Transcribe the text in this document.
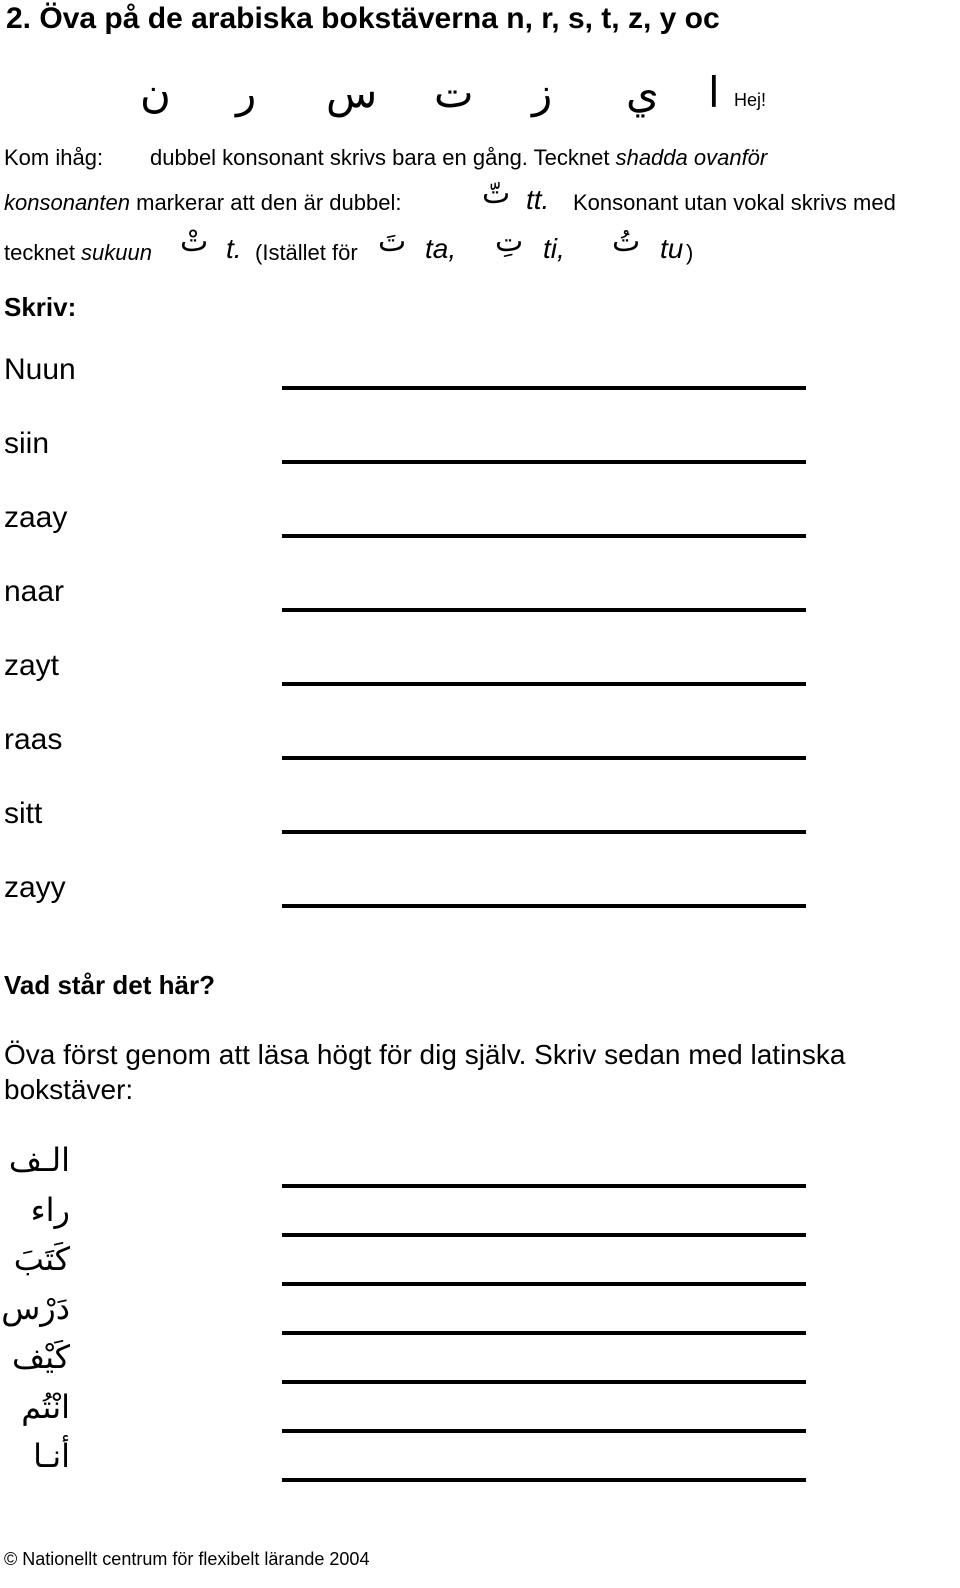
2. Öva på de arabiska bokstäverna n, r, s, t, z, y oc
ن ر س ت ز ي ا Hej!
Kom ihåg: dubbel konsonant skrivs bara en gång. Tecknet shadda ovanför
konsonanten markerar att den är dubbel:	تّ tt. Konsonant utan vokal skrivs med
tecknet sukuun تْ t. (Istället för تَ ta, تِ ti, تُ tu )
Skriv:
Nuun
siin
zaay
naar
zayt
raas
sitt
zayy
Vad står det här?
Öva först genom att läsa högt för dig själv. Skriv sedan med latinska bokstäver:
الـف
راء
كَتَبَ
دَرْس
كَيْف
انْتُم
أنـا
© Nationellt centrum för flexibelt lärande 2004
